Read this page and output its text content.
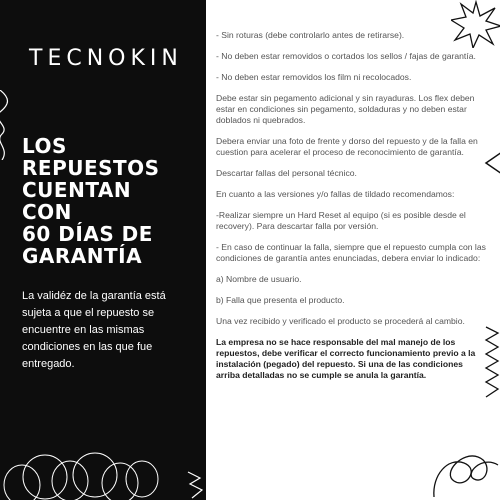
TECNOKIN
LOS
REPUESTOS
CUENTAN
CON
60 DÍAS DE
GARANTÍA
La validéz de la garantía está sujeta a que el repuesto se encuentre en las mismas condiciones en las que fue entregado.

- Sin roturas (debe controlarlo antes de retirarse).

- No deben estar removidos o cortados los sellos / fajas de garantía.

- No deben estar removidos los film ni recolocados.

Debe estar sin pegamento adicional y sin rayaduras. Los flex deben estar en condiciones sin pegamento, soldaduras y no deben estar doblados ni quebrados.

Debera enviar una foto de frente y dorso del repuesto y de la falla en cuestion para acelerar el proceso de reconocimiento de garantía.

Descartar fallas del personal técnico.

En cuanto a las versiones y/o fallas de tildado recomendamos:

-Realizar siempre un Hard Reset al equipo (si es posible desde el recovery). Para descartar falla por versión.

- En caso de continuar la falla, siempre que el repuesto cumpla con las condiciones de garantía antes enunciadas, debera enviar lo indicado:

a) Nombre de usuario.

b) Falla que presenta el producto.

Una vez recibido y verificado el producto se procederá al cambio.

La empresa no se hace responsable del mal manejo de los repuestos, debe verificar el correcto funcionamiento previo a la instalación (pegado) del repuesto. Si una de las condiciones arriba detalladas no se cumple se anula la garantía.
